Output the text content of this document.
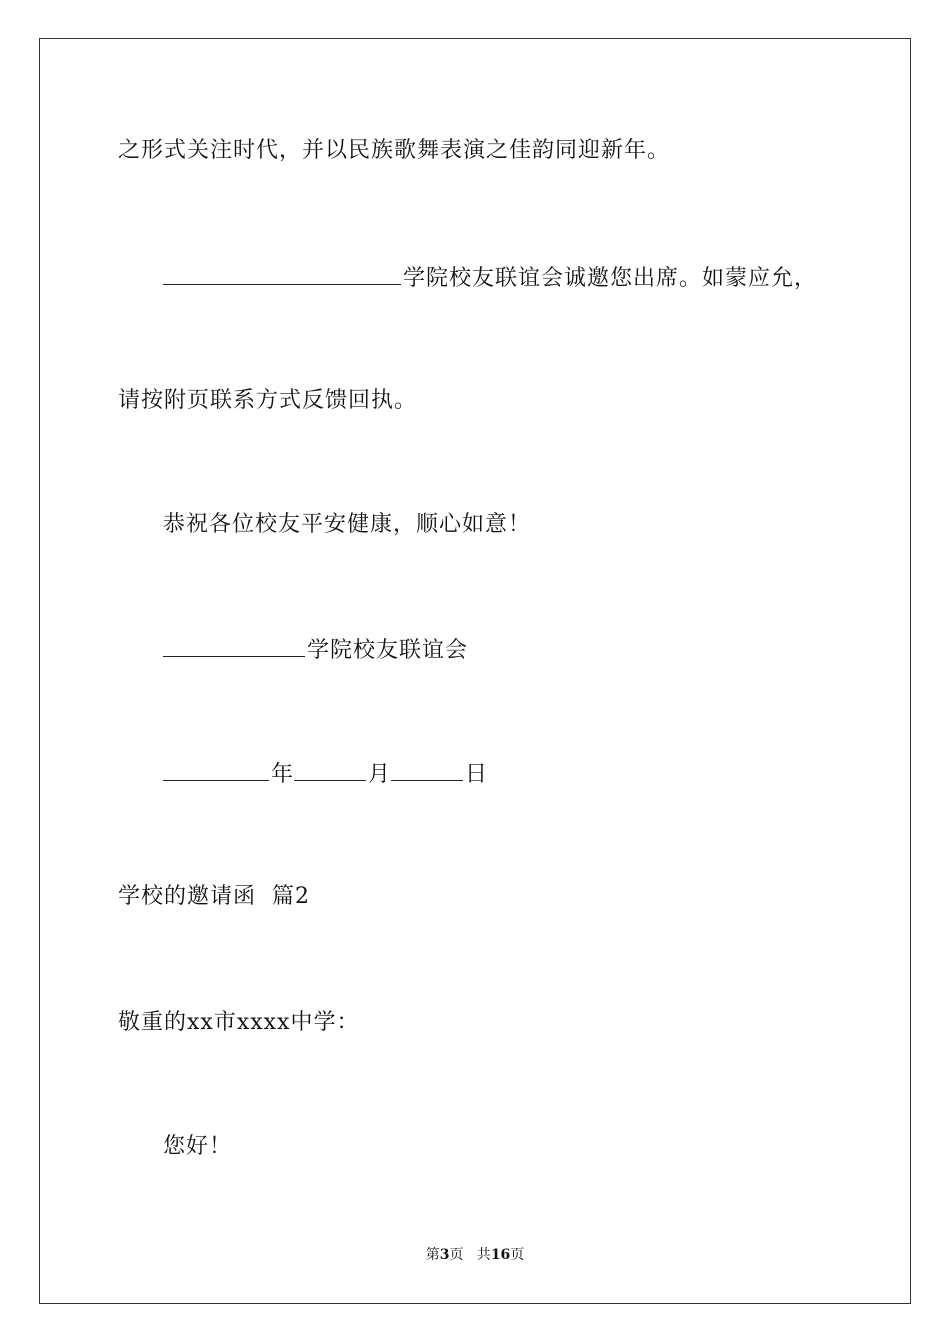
之形式关注时代，并以民族歌舞表演之佳韵同迎新年。
学院校友联谊会诚邀您出席。如蒙应允，
请按附页联系方式反馈回执。
恭祝各位校友平安健康，顺心如意！
学院校友联谊会
年	月	日
学校的邀请函  篇2
敬重的xx市xxxx中学：
您好！
第3页   共16页
